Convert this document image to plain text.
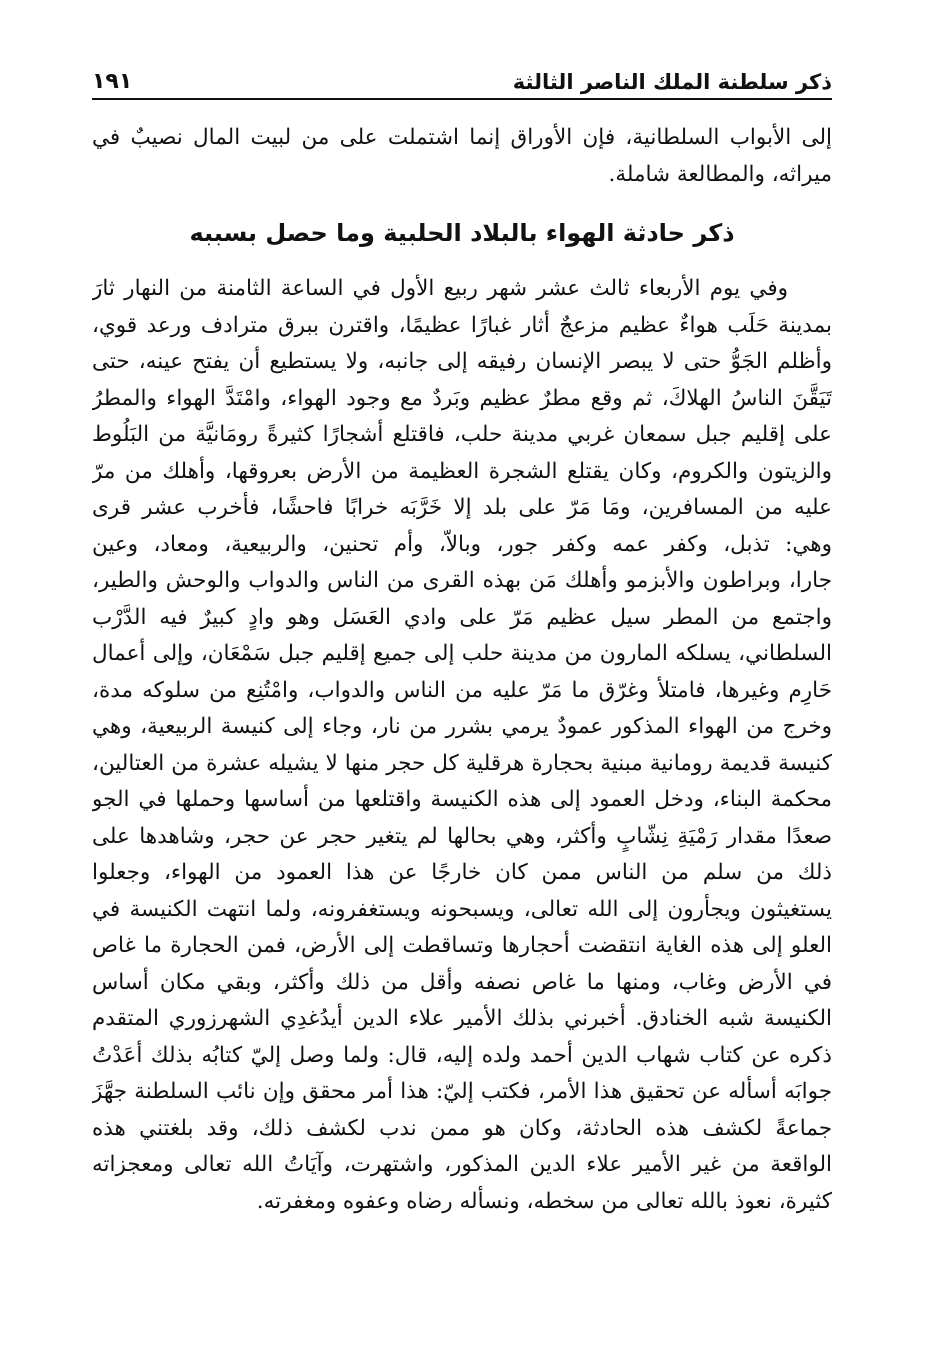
ذكر سلطنة الملك الناصر الثالثة
١٩١
إلى الأبواب السلطانية، فإن الأوراق إنما اشتملت على من لبيت المال نصيبٌ في
ميراثه، والمطالعة شاملة.
ذكر حادثة الهواء بالبلاد الحلبية وما حصل بسببه
وفي يوم الأربعاء ثالث عشر شهر ربيع الأول في الساعة الثامنة من النهار ثارَ
بمدينة حَلَب هواءٌ عظيم مزعجٌ أثار غبارًا عظيمًا، واقترن ببرق مترادف ورعد قوي،
وأظلم الجَوُّ حتى لا يبصر الإنسان رفيقه إلى جانبه، ولا يستطيع أن يفتح عينه، حتى
تَيَقَّنَ الناسُ الهلاكَ، ثم وقع مطرٌ عظيم وبَردٌ مع وجود الهواء، وامْتَدَّ الهواء والمطرُ
على إقليم جبل سمعان غربي مدينة حلب، فاقتلع أشجارًا كثيرةً رومَانيَّة من البَلُوط
والزيتون والكروم، وكان يقتلع الشجرة العظيمة من الأرض بعروقها، وأهلك من مرّ
عليه من المسافرين، ومَا مَرّ على بلد إلا خَرَّبَه خرابًا فاحشًا، فأخرب عشر قرى
وهي: تذبل، وكفر عمه وكفر جور، وبالاّ، وأم تحنين، والربيعية، ومعاد، وعين
جارا، وبراطون والأبزمو وأهلك مَن بهذه القرى من الناس والدواب والوحش والطير،
واجتمع من المطر سيل عظيم مَرّ على وادي العَسَل وهو وادٍ كبيرٌ فيه الدَّرْب
السلطاني، يسلكه المارون من مدينة حلب إلى جميع إقليم جبل سَمْعَان، وإلى أعمال
حَارِم وغيرها، فامتلأ وغرّق ما مَرّ عليه من الناس والدواب، وامْتُنِع من سلوكه مدة،
وخرج من الهواء المذكور عمودٌ يرمي بشرر من نار، وجاء إلى كنيسة الربيعية، وهي
كنيسة قديمة رومانية مبنية بحجارة هرقلية كل حجر منها لا يشيله عشرة من العتالين،
محكمة البناء، ودخل العمود إلى هذه الكنيسة واقتلعها من أساسها وحملها في الجو
صعدًا مقدار رَمْيَةِ نِشّابٍ وأكثر، وهي بحالها لم يتغير حجر عن حجر، وشاهدها على
ذلك من سلم من الناس ممن كان خارجًا عن هذا العمود من الهواء، وجعلوا
يستغيثون ويجأرون إلى الله تعالى، ويسبحونه ويستغفرونه، ولما انتهت الكنيسة في
العلو إلى هذه الغاية انتقضت أحجارها وتساقطت إلى الأرض، فمن الحجارة ما غاص
في الأرض وغاب، ومنها ما غاص نصفه وأقل من ذلك وأكثر، وبقي مكان أساس
الكنيسة شبه الخنادق. أخبرني بذلك الأمير علاء الدين أيدُغدِي الشهرزوري المتقدم
ذكره عن كتاب شهاب الدين أحمد ولده إليه، قال: ولما وصل إليّ كتابُه بذلك أعَدْتُ
جوابَه أسأله عن تحقيق هذا الأمر، فكتب إليّ: هذا أمر محقق وإن نائب السلطنة جهَّزَ
جماعةً لكشف هذه الحادثة، وكان هو ممن ندب لكشف ذلك، وقد بلغتني هذه
الواقعة من غير الأمير علاء الدين المذكور، واشتهرت، وآيَاتُ الله تعالى ومعجزاته
كثيرة، نعوذ بالله تعالى من سخطه، ونسأله رضاه وعفوه ومغفرته.
